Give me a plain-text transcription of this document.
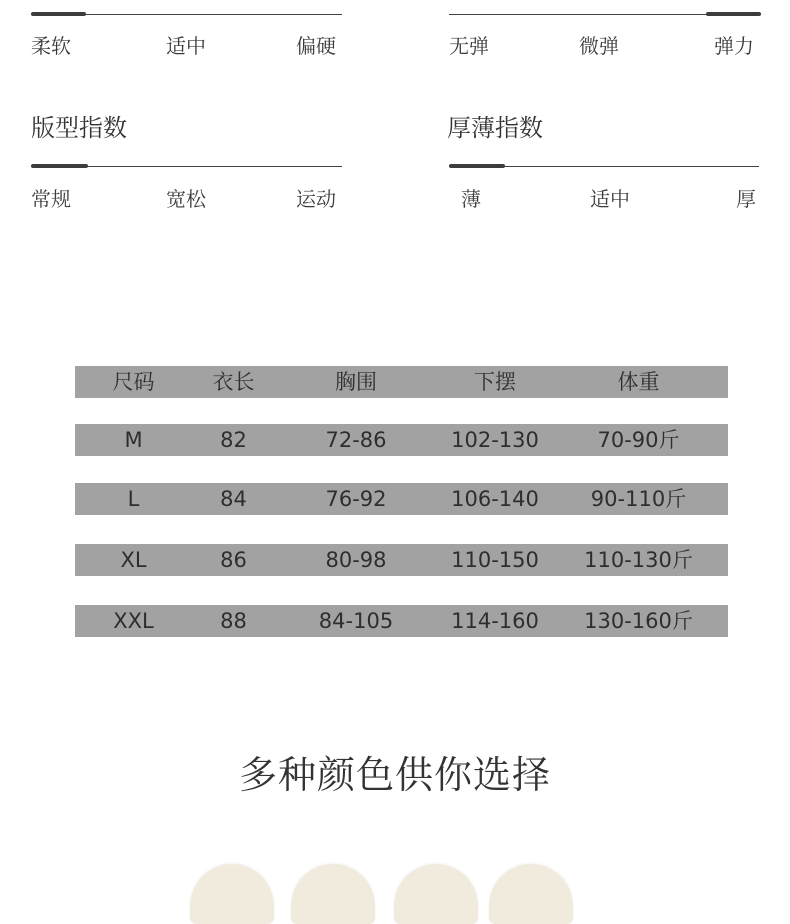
柔软	适中	偏硬	无弹	微弹	弹力
版型指数
常规	宽松	运动
厚薄指数
薄	适中	厚
尺码	衣长	胸围	下摆	体重
M	82	72-86	102-130	70-90斤
L	84	76-92	106-140	90-110斤
XL	86	80-98	110-150	110-130斤
XXL	88	84-105	114-160	130-160斤
多种颜色供你选择
